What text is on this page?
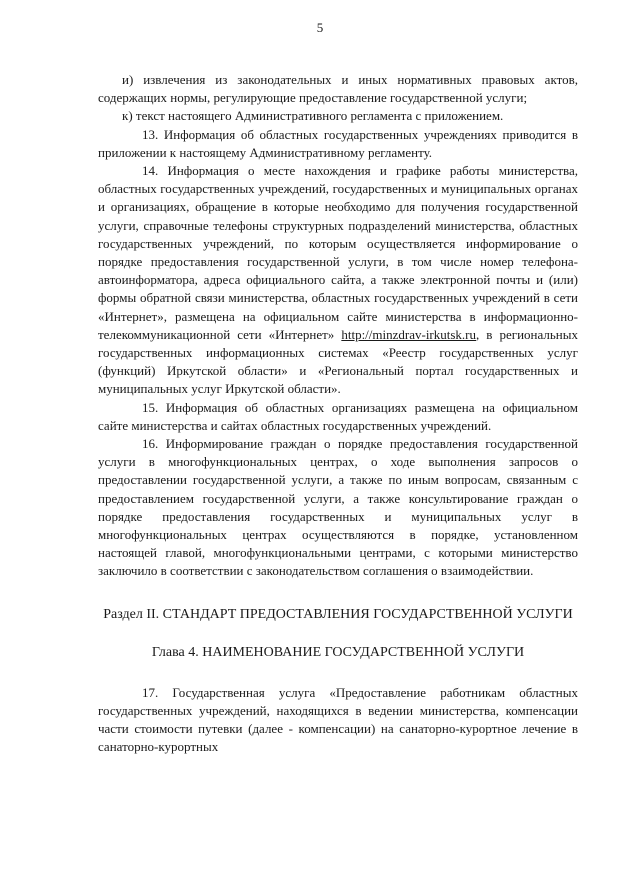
5

и) извлечения из законодательных и иных нормативных правовых актов, содержащих нормы, регулирующие предоставление государственной услуги;

к) текст настоящего Административного регламента с приложением.

13. Информация об областных государственных учреждениях приводится в приложении к настоящему Административному регламенту.

14. Информация о месте нахождения и графике работы министерства, областных государственных учреждений, государственных и муниципальных органах и организациях, обращение в которые необходимо для получения государственной услуги, справочные телефоны структурных подразделений министерства, областных государственных учреждений, по которым осуществляется информирование о порядке предоставления государственной услуги, в том числе номер телефона-автоинформатора, адреса официального сайта, а также электронной почты и (или) формы обратной связи министерства, областных государственных учреждений в сети «Интернет», размещена на официальном сайте министерства в информационно-телекоммуникационной сети «Интернет» http://minzdrav-irkutsk.ru, в региональных государственных информационных системах «Реестр государственных услуг (функций) Иркутской области» и «Региональный портал государственных и муниципальных услуг Иркутской области».

15. Информация об областных организациях размещена на официальном сайте министерства и сайтах областных государственных учреждений.

16. Информирование граждан о порядке предоставления государственной услуги в многофункциональных центрах, о ходе выполнения запросов о предоставлении государственной услуги, а также по иным вопросам, связанным с предоставлением государственной услуги, а также консультирование граждан о порядке предоставления государственных и муниципальных услуг в многофункциональных центрах осуществляются в порядке, установленном настоящей главой, многофункциональными центрами, с которыми министерство заключило в соответствии с законодательством соглашения о взаимодействии.

Раздел II. СТАНДАРТ ПРЕДОСТАВЛЕНИЯ ГОСУДАРСТВЕННОЙ УСЛУГИ

Глава 4. НАИМЕНОВАНИЕ ГОСУДАРСТВЕННОЙ УСЛУГИ

17. Государственная услуга «Предоставление работникам областных государственных учреждений, находящихся в ведении министерства, компенсации части стоимости путевки (далее - компенсации) на санаторно-курортное лечение в санаторно-курортных
